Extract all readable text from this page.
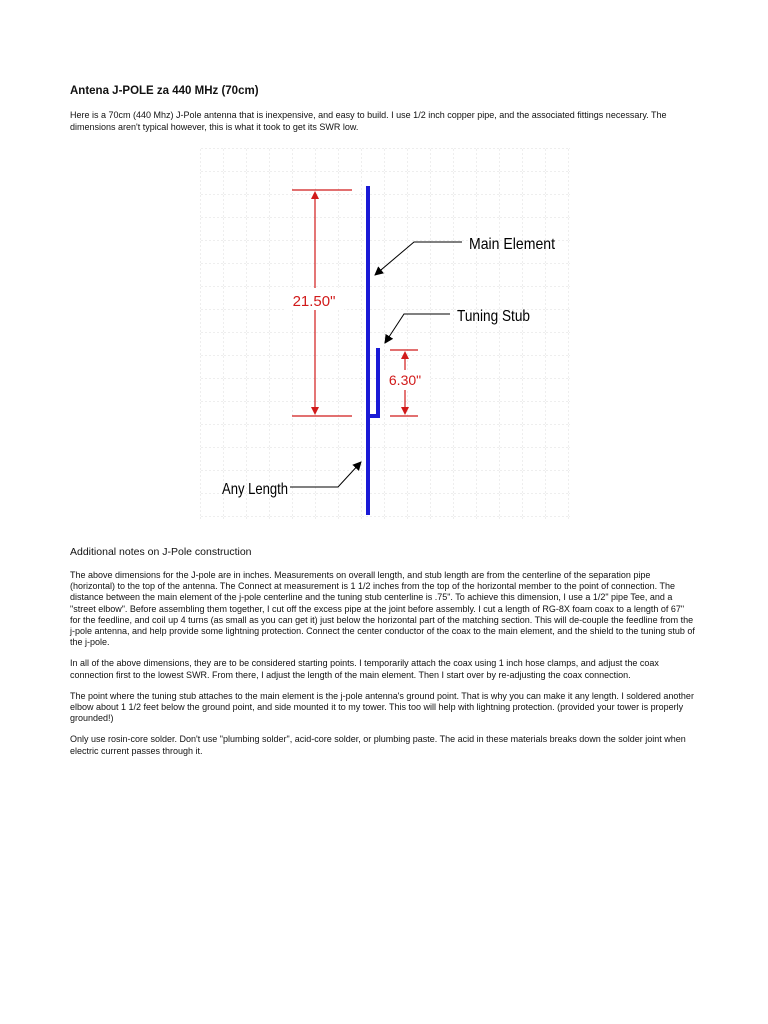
Antena J-POLE za 440 MHz (70cm)

Here is a 70cm (440 Mhz) J-Pole antenna that is inexpensive, and easy to build. I use 1/2 inch copper pipe, and the associated fittings necessary. The dimensions aren't typical however, this is what it took to get its SWR low.

21.50"
6.30"
Main Element
Tuning Stub
Any Length
Additional notes on J-Pole construction

The above dimensions for the J-pole are in inches. Measurements on overall length, and stub length are from the centerline of the separation pipe (horizontal) to the top of the antenna. The Connect at measurement is 1 1/2 inches from the top of the horizontal member to the point of connection. The distance between the main element of the j-pole centerline and the tuning stub centerline is .75". To achieve this dimension, I use a 1/2" pipe Tee, and a "street elbow". Before assembling them together, I cut off the excess pipe at the joint before assembly. I cut a length of RG-8X foam coax to a length of 67" for the feedline, and coil up 4 turns (as small as you can get it) just below the horizontal part of the matching section. This will de-couple the feedline from the j-pole antenna, and help provide some lightning protection. Connect the center conductor of the coax to the main element, and the shield to the tuning stub of the j-pole.

In all of the above dimensions, they are to be considered starting points. I temporarily attach the coax using 1 inch hose clamps, and adjust the coax connection first to the lowest SWR. From there, I adjust the length of the main element. Then I start over by re-adjusting the coax connection.

The point where the tuning stub attaches to the main element is the j-pole antenna's ground point. That is why you can make it any length. I soldered another elbow about 1 1/2 feet below the ground point, and side mounted it to my tower. This too will help with lightning protection. (provided your tower is properly grounded!)

Only use rosin-core solder. Don't use "plumbing solder", acid-core solder, or plumbing paste. The acid in these materials breaks down the solder joint when electric current passes through it.
